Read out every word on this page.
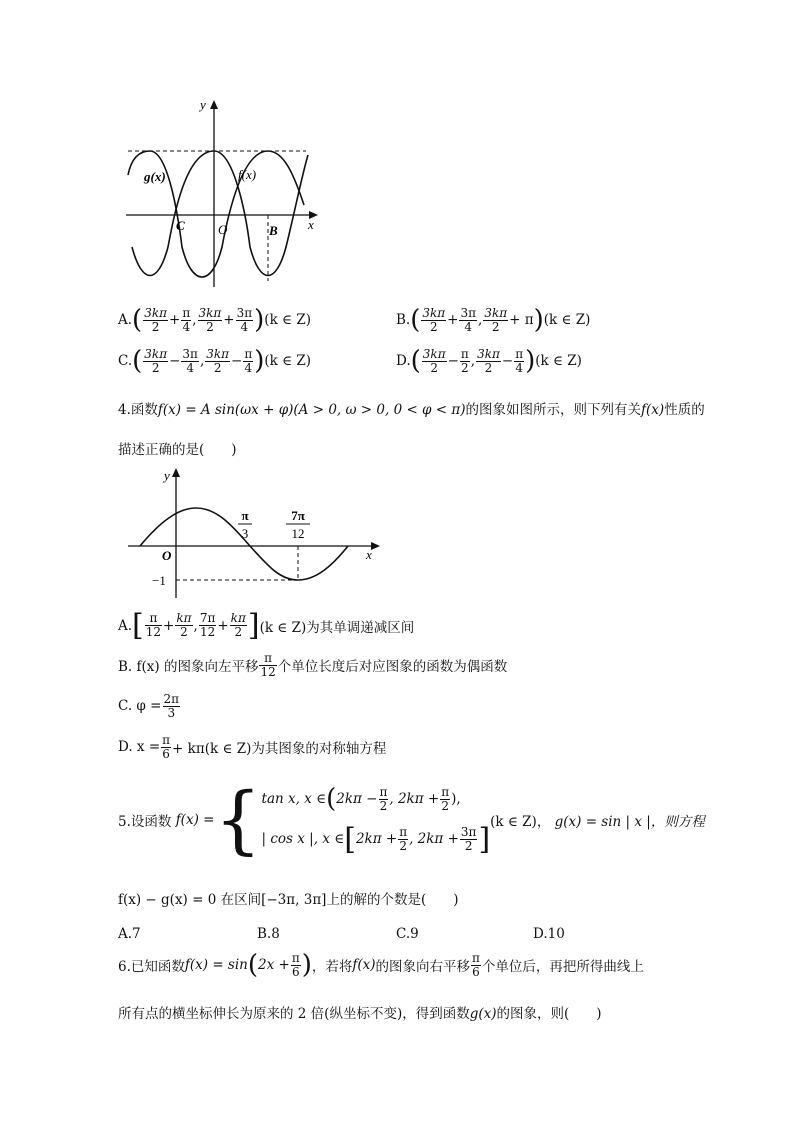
y
x
g(x)	f(x)
C	O	B
A. ( $\frac{3k\pi}{2} + \frac{\pi}{4}$ , $\frac{3k\pi}{2} + \frac{3\pi}{4}$ ) (k ∈ Z)	B. ( $\frac{3k\pi}{2} + \frac{3\pi}{4}$ , $\frac{3k\pi}{2} + \pi$ ) (k ∈ Z)
C. ( $\frac{3k\pi}{2} - \frac{3\pi}{4}$ , $\frac{3k\pi}{2} - \frac{\pi}{4}$ ) (k ∈ Z)	D. ( $\frac{3k\pi}{2} - \frac{\pi}{2}$ , $\frac{3k\pi}{2} - \frac{\pi}{4}$ ) (k ∈ Z)
4.函数f(x) = A sin(ωx + φ)(A > 0, ω > 0, 0 < φ < π)的图象如图所示，则下列有关f(x)性质的
描述正确的是(　　)
y
x
O
π
3
7π
12
−1
A. [ $\frac{\pi}{12} + \frac{k\pi}{2}$ , $\frac{7\pi}{12} + \frac{k\pi}{2}$ ] (k ∈ Z)为其单调递减区间
B. f(x) 的图象向左平移 $\frac{\pi}{12}$ 个单位长度后对应图象的函数为偶函数
C. $\varphi = \frac{2\pi}{3}$
D. $x = \frac{\pi}{6} + k\pi(k$ ∈ Z)为其图象的对称轴方程
5.设函数
f(x) = { tan x, x ∈ ( $2k\pi - \frac{\pi}{2}$ , $2k\pi + \frac{\pi}{2}$ ),
| cos x |, x ∈ [ $2k\pi + \frac{\pi}{2}$ , $2k\pi + \frac{3\pi}{2}$ ] (k ∈ Z)，
g(x) = sin | x |，则方程
f(x) − g(x) = 0 在区间[−3π, 3π]上的解的个数是(　　)
A.7	B.8	C.9	D.10
6.已知函数 f(x) = sin ( $2x + \frac{\pi}{6}$ ) ，若将 f(x) 的图象向右平移 $\frac{\pi}{6}$ 个单位后，再把所得曲线上
所有点的横坐标伸长为原来的 2 倍(纵坐标不变)，得到函数g(x)的图象，则(　　)
